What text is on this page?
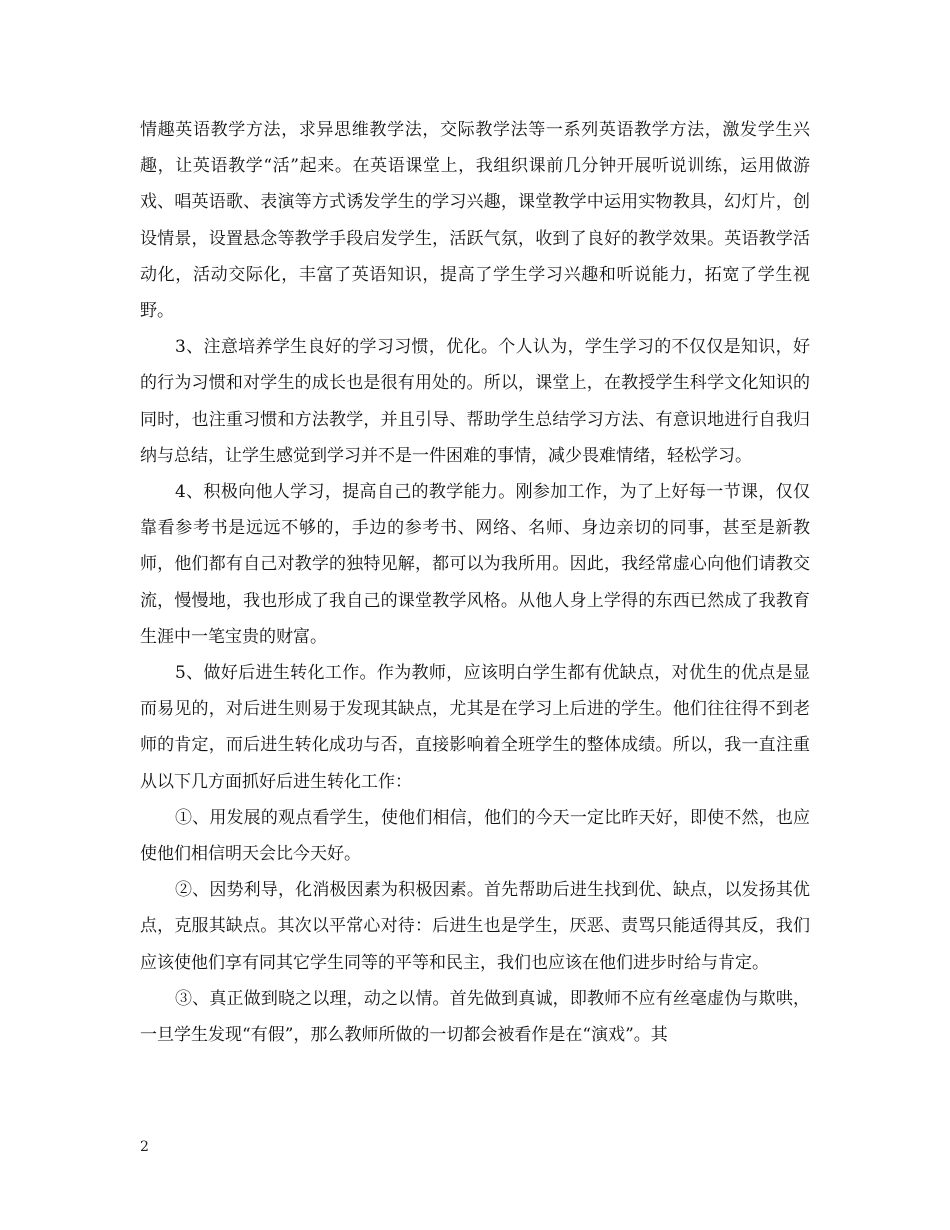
情趣英语教学方法，求异思维教学法，交际教学法等一系列英语教学方法，激发学生兴趣，让英语教学“活”起来。在英语课堂上，我组织课前几分钟开展听说训练，运用做游戏、唱英语歌、表演等方式诱发学生的学习兴趣，课堂教学中运用实物教具，幻灯片，创设情景，设置悬念等教学手段启发学生，活跃气氛，收到了良好的教学效果。英语教学活动化，活动交际化，丰富了英语知识，提高了学生学习兴趣和听说能力，拓宽了学生视野。

3、注意培养学生良好的学习习惯，优化。个人认为，学生学习的不仅仅是知识，好的行为习惯和对学生的成长也是很有用处的。所以，课堂上，在教授学生科学文化知识的同时，也注重习惯和方法教学，并且引导、帮助学生总结学习方法、有意识地进行自我归纳与总结，让学生感觉到学习并不是一件困难的事情，减少畏难情绪，轻松学习。

4、积极向他人学习，提高自己的教学能力。刚参加工作，为了上好每一节课，仅仅靠看参考书是远远不够的，手边的参考书、网络、名师、身边亲切的同事，甚至是新教师，他们都有自己对教学的独特见解，都可以为我所用。因此，我经常虚心向他们请教交流，慢慢地，我也形成了我自己的课堂教学风格。从他人身上学得的东西已然成了我教育生涯中一笔宝贵的财富。

5、做好后进生转化工作。作为教师，应该明白学生都有优缺点，对优生的优点是显而易见的，对后进生则易于发现其缺点，尤其是在学习上后进的学生。他们往往得不到老师的肯定，而后进生转化成功与否，直接影响着全班学生的整体成绩。所以，我一直注重从以下几方面抓好后进生转化工作：

①、用发展的观点看学生，使他们相信，他们的今天一定比昨天好，即使不然，也应使他们相信明天会比今天好。

②、因势利导，化消极因素为积极因素。首先帮助后进生找到优、缺点，以发扬其优点，克服其缺点。其次以平常心对待：后进生也是学生，厌恶、责骂只能适得其反，我们应该使他们享有同其它学生同等的平等和民主，我们也应该在他们进步时给与肯定。

③、真正做到晓之以理，动之以情。首先做到真诚，即教师不应有丝毫虚伪与欺哄，一旦学生发现“有假”，那么教师所做的一切都会被看作是在“演戏”。其

2
